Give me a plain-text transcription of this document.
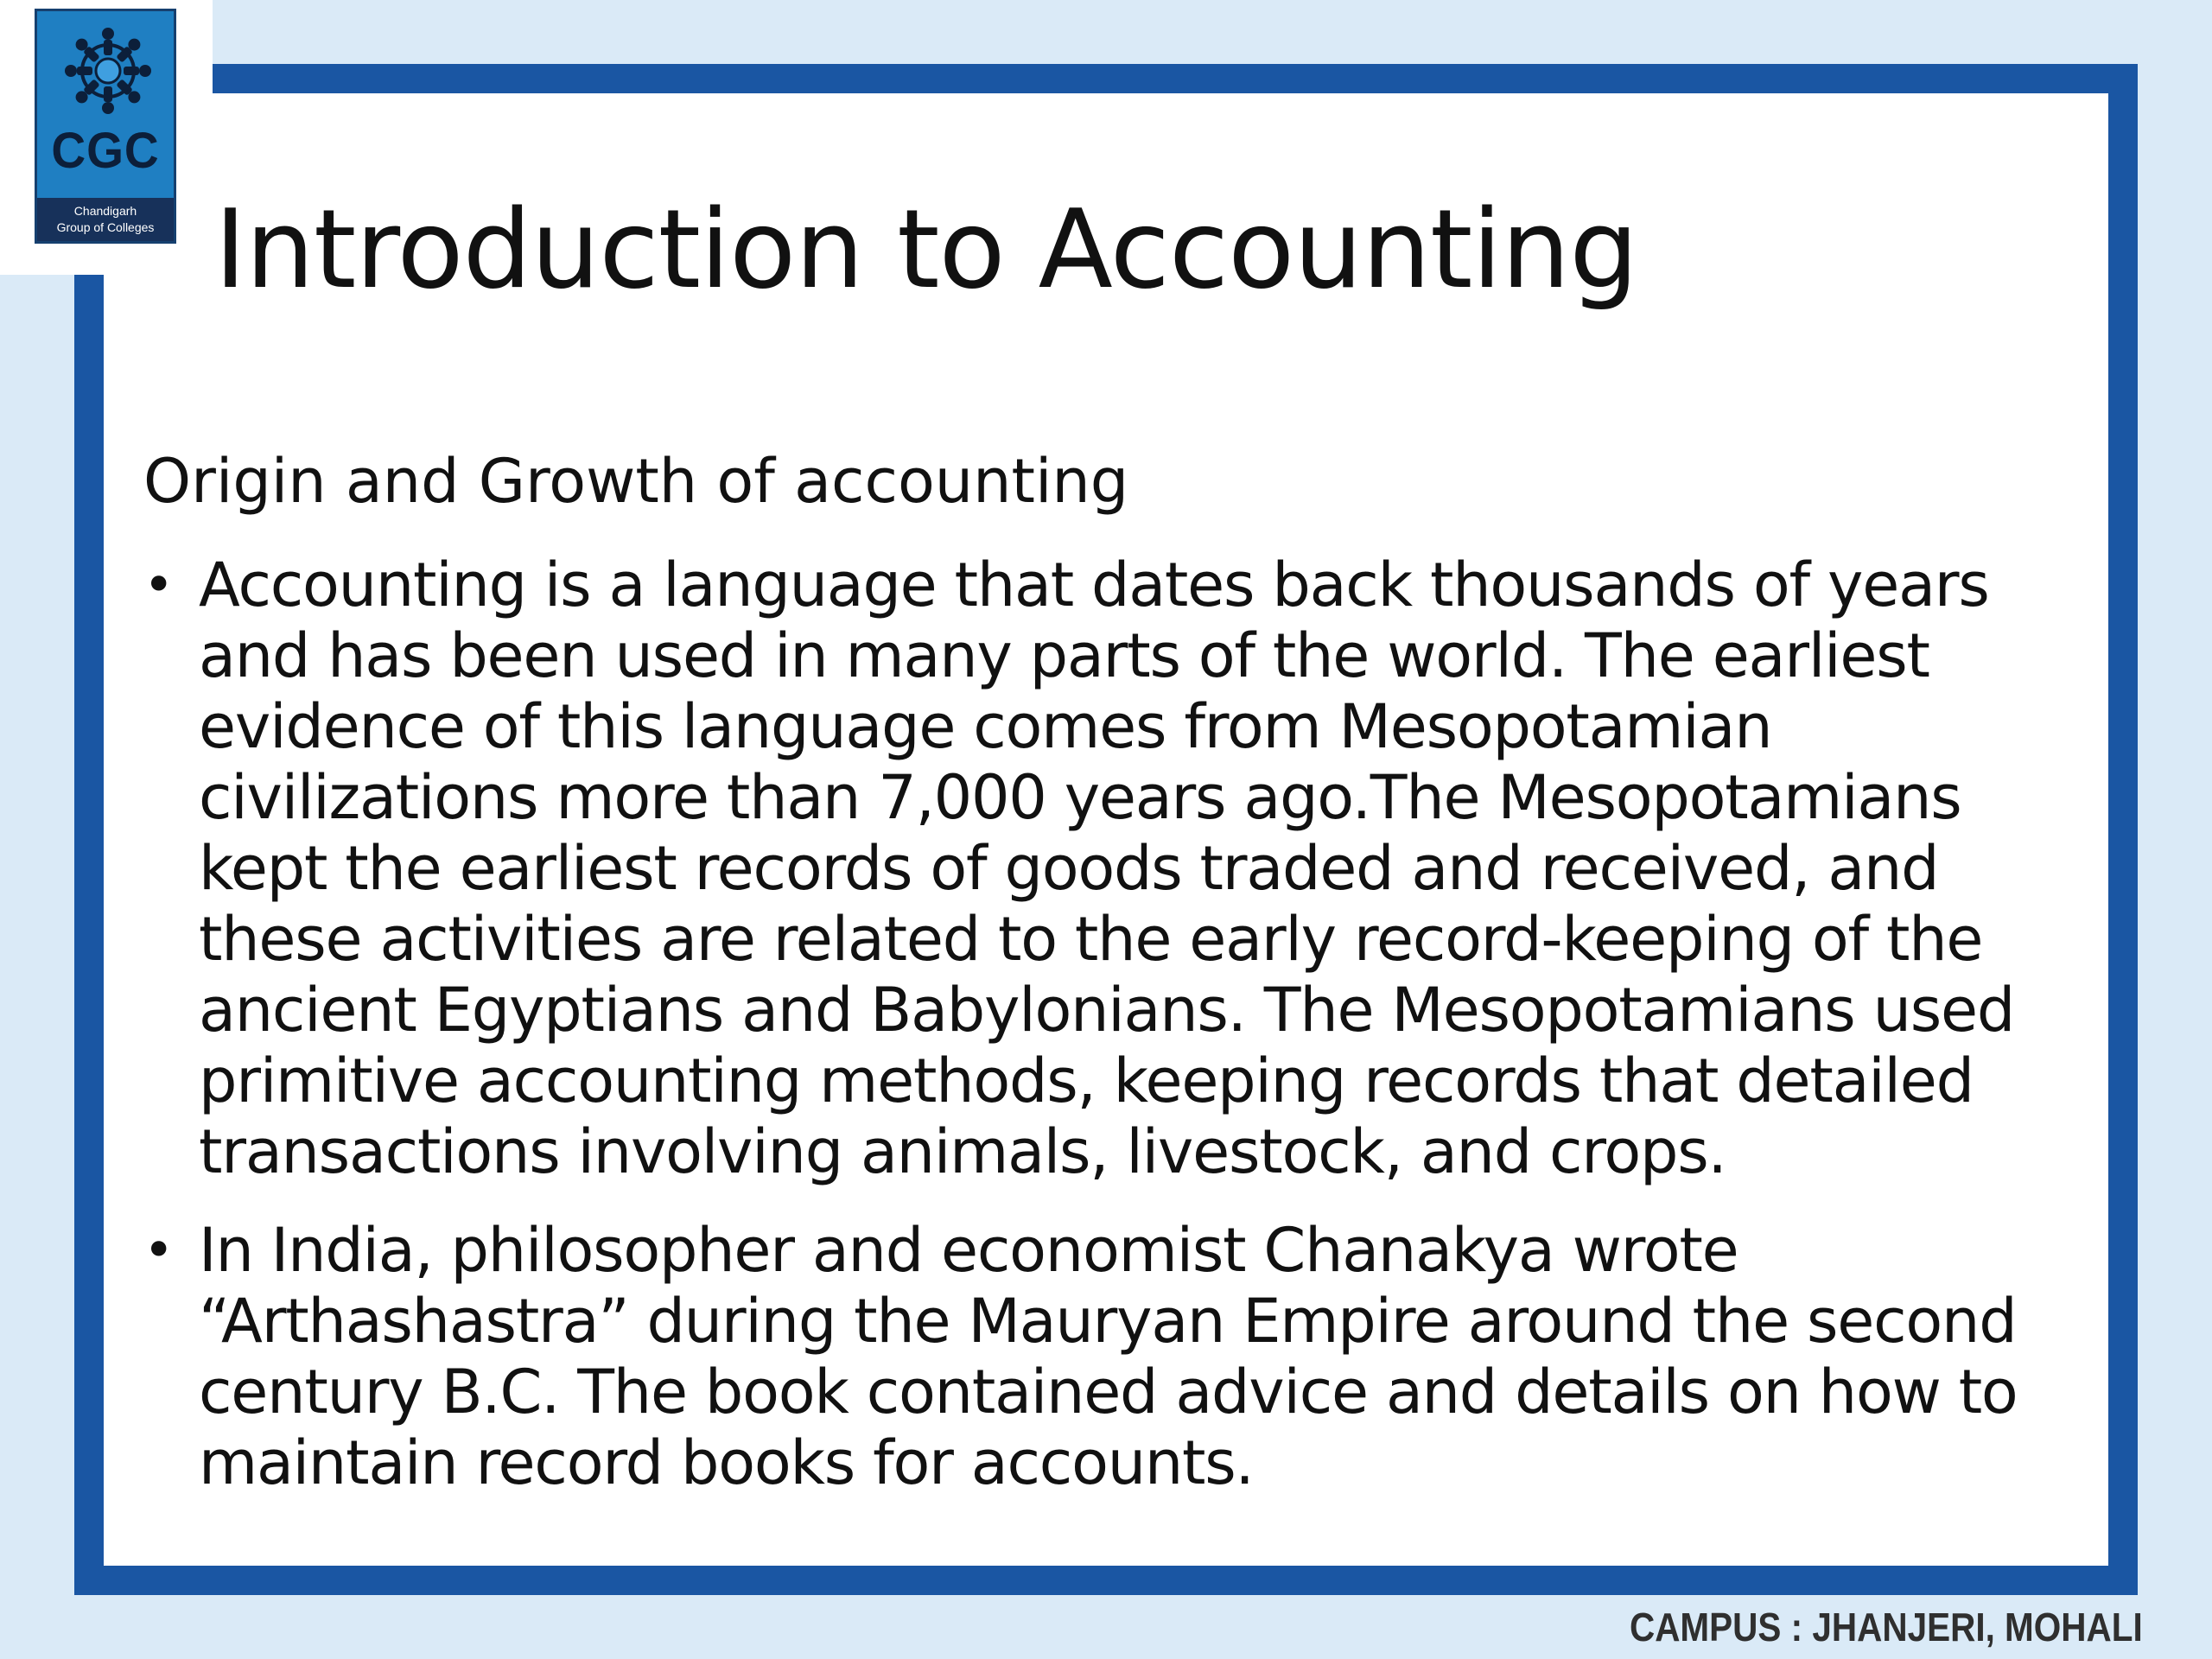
CGC
Chandigarh
Group of Colleges Introduction to Accounting
Origin and Growth of accounting
• Accounting is a language that dates back thousands of years and has been used in many parts of the world. The earliest evidence of this language comes from Mesopotamian civilizations more than 7,000 years ago.The Mesopotamians kept the earliest records of goods traded and received, and these activities are related to the early record-keeping of the ancient Egyptians and Babylonians. The Mesopotamians used primitive accounting methods, keeping records that detailed transactions involving animals, livestock, and crops.
• In India, philosopher and economist Chanakya wrote “Arthashastra” during the Mauryan Empire around the second century B.C. The book contained advice and details on how to maintain record books for accounts.
CAMPUS : JHANJERI, MOHALI
